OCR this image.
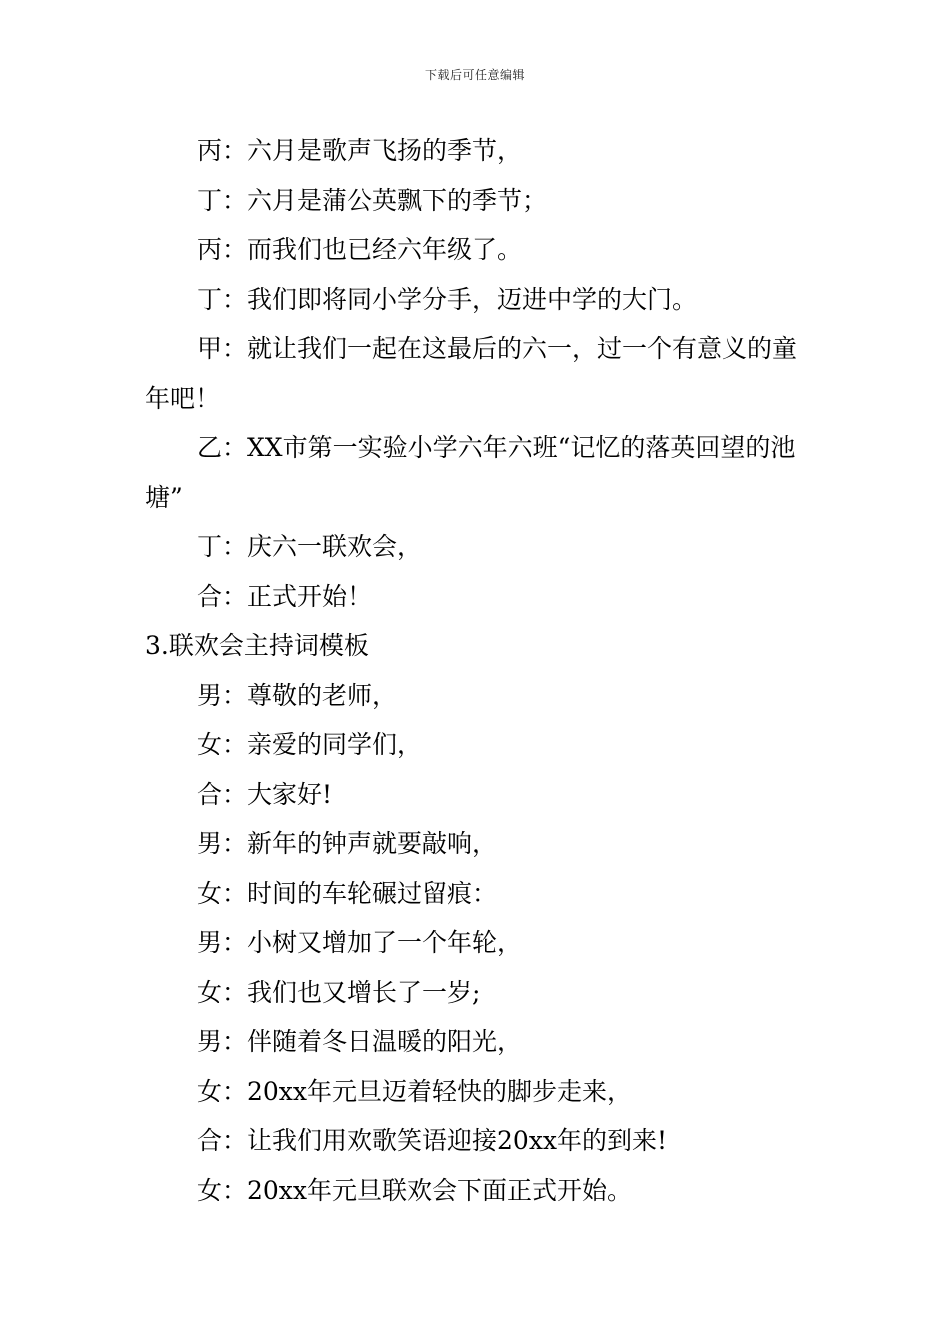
下载后可任意编辑

丙：六月是歌声飞扬的季节，

丁：六月是蒲公英飘下的季节；

丙：而我们也已经六年级了。

丁：我们即将同小学分手，迈进中学的大门。

甲：就让我们一起在这最后的六一，过一个有意义的童年吧！

乙：XX市第一实验小学六年六班“记忆的落英回望的池塘”

丁：庆六一联欢会，

合：正式开始！

3.联欢会主持词模板

男：尊敬的老师，

女：亲爱的同学们，

合：大家好!

男：新年的钟声就要敲响，

女：时间的车轮碾过留痕：

男：小树又增加了一个年轮，

女：我们也又增长了一岁;

男：伴随着冬日温暖的阳光，

女：20xx年元旦迈着轻快的脚步走来，

合：让我们用欢歌笑语迎接20xx年的到来!

女：20xx年元旦联欢会下面正式开始。
